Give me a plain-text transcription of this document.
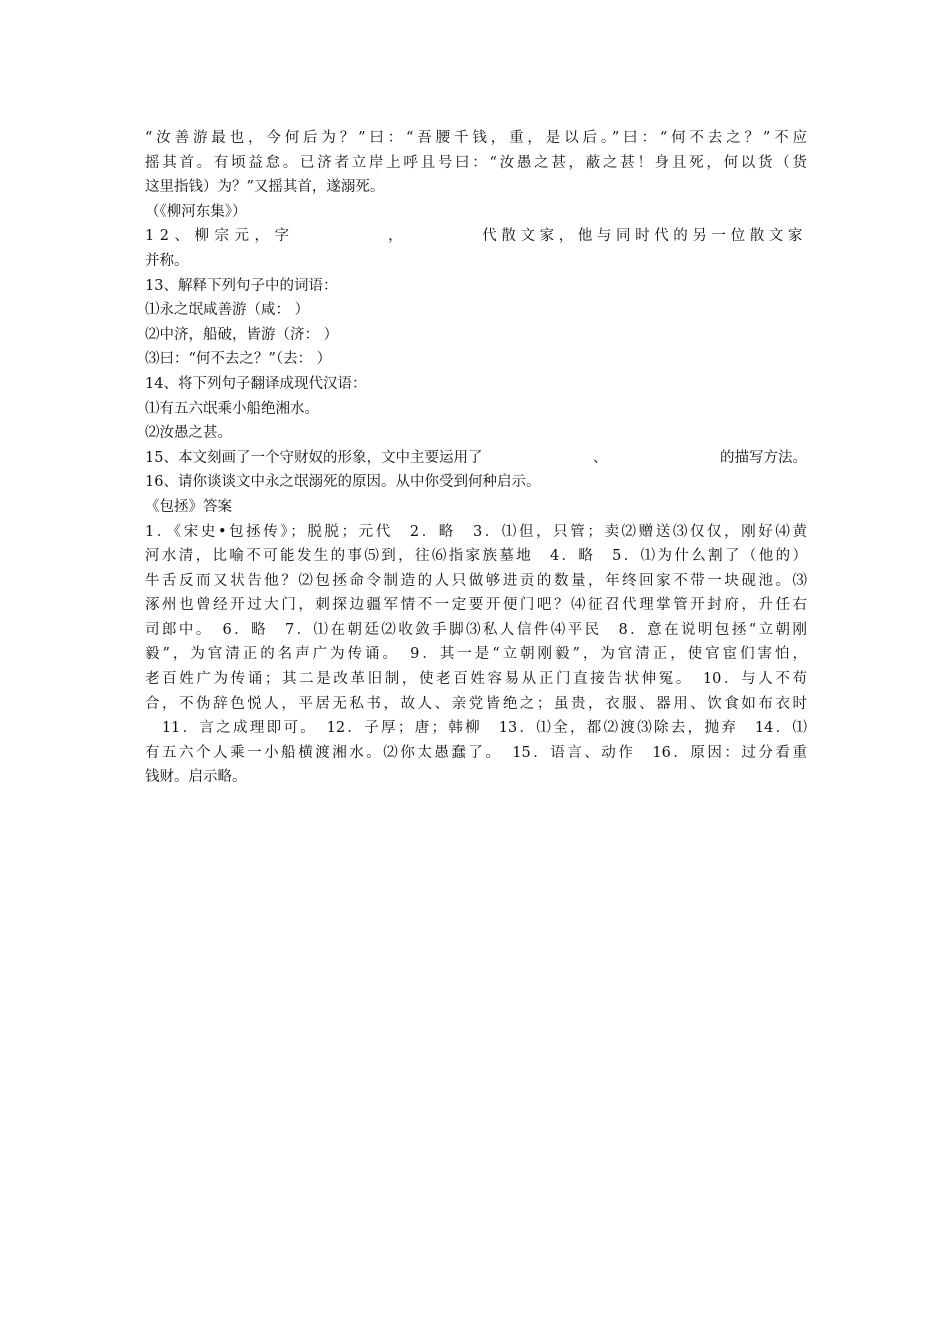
“汝善游最也，今何后为？”曰：“吾腰千钱，重，是以后。”曰：“何不去之？”不应
摇其首。有顷益怠。已济者立岸上呼且号曰：“汝愚之甚，蔽之甚！身且死，何以货（货
这里指钱）为？”又摇其首，遂溺死。
（《柳河东集》）
12、柳宗元，字	，	代散文家，他与同时代的另一位散文家
并称。
13、解释下列句子中的词语：
⑴永之氓咸善游（咸： ）
⑵中济，船破，皆游（济： ）
⑶曰：“何不去之？”（去： ）
14、将下列句子翻译成现代汉语：
⑴有五六氓乘小船绝湘水。
⑵汝愚之甚。
15、本文刻画了一个守财奴的形象，文中主要运用了	、	的描写方法。
16、请你谈谈文中永之氓溺死的原因。从中你受到何种启示。
《包拯》答案
1．《宋史•包拯传》；脱脱；元代　2．略　3．⑴但，只管；卖⑵赠送⑶仅仅，刚好⑷黄
河水清，比喻不可能发生的事⑸到，往⑹指家族墓地　4．略　5．⑴为什么割了（他的）
牛舌反而又状告他？⑵包拯命令制造的人只做够进贡的数量，年终回家不带一块砚池。⑶
涿州也曾经开过大门，刺探边疆军情不一定要开便门吧？⑷征召代理掌管开封府，升任右
司郎中。　6．略　7．⑴在朝廷⑵收敛手脚⑶私人信件⑷平民　8．意在说明包拯“立朝刚
毅”，为官清正的名声广为传诵。　9．其一是“立朝刚毅”，为官清正，使官宦们害怕，
老百姓广为传诵；其二是改革旧制，使老百姓容易从正门直接告状伸冤。　10．与人不苟
合，不伪辞色悦人，平居无私书，故人、亲党皆绝之；虽贵，衣服、器用、饮食如布衣时
　11．言之成理即可。　12．子厚；唐；韩柳　13．⑴全，都⑵渡⑶除去，抛弃　14．⑴
有五六个人乘一小船横渡湘水。⑵你太愚蠢了。　15．语言、动作　16．原因：过分看重
钱财。启示略。
